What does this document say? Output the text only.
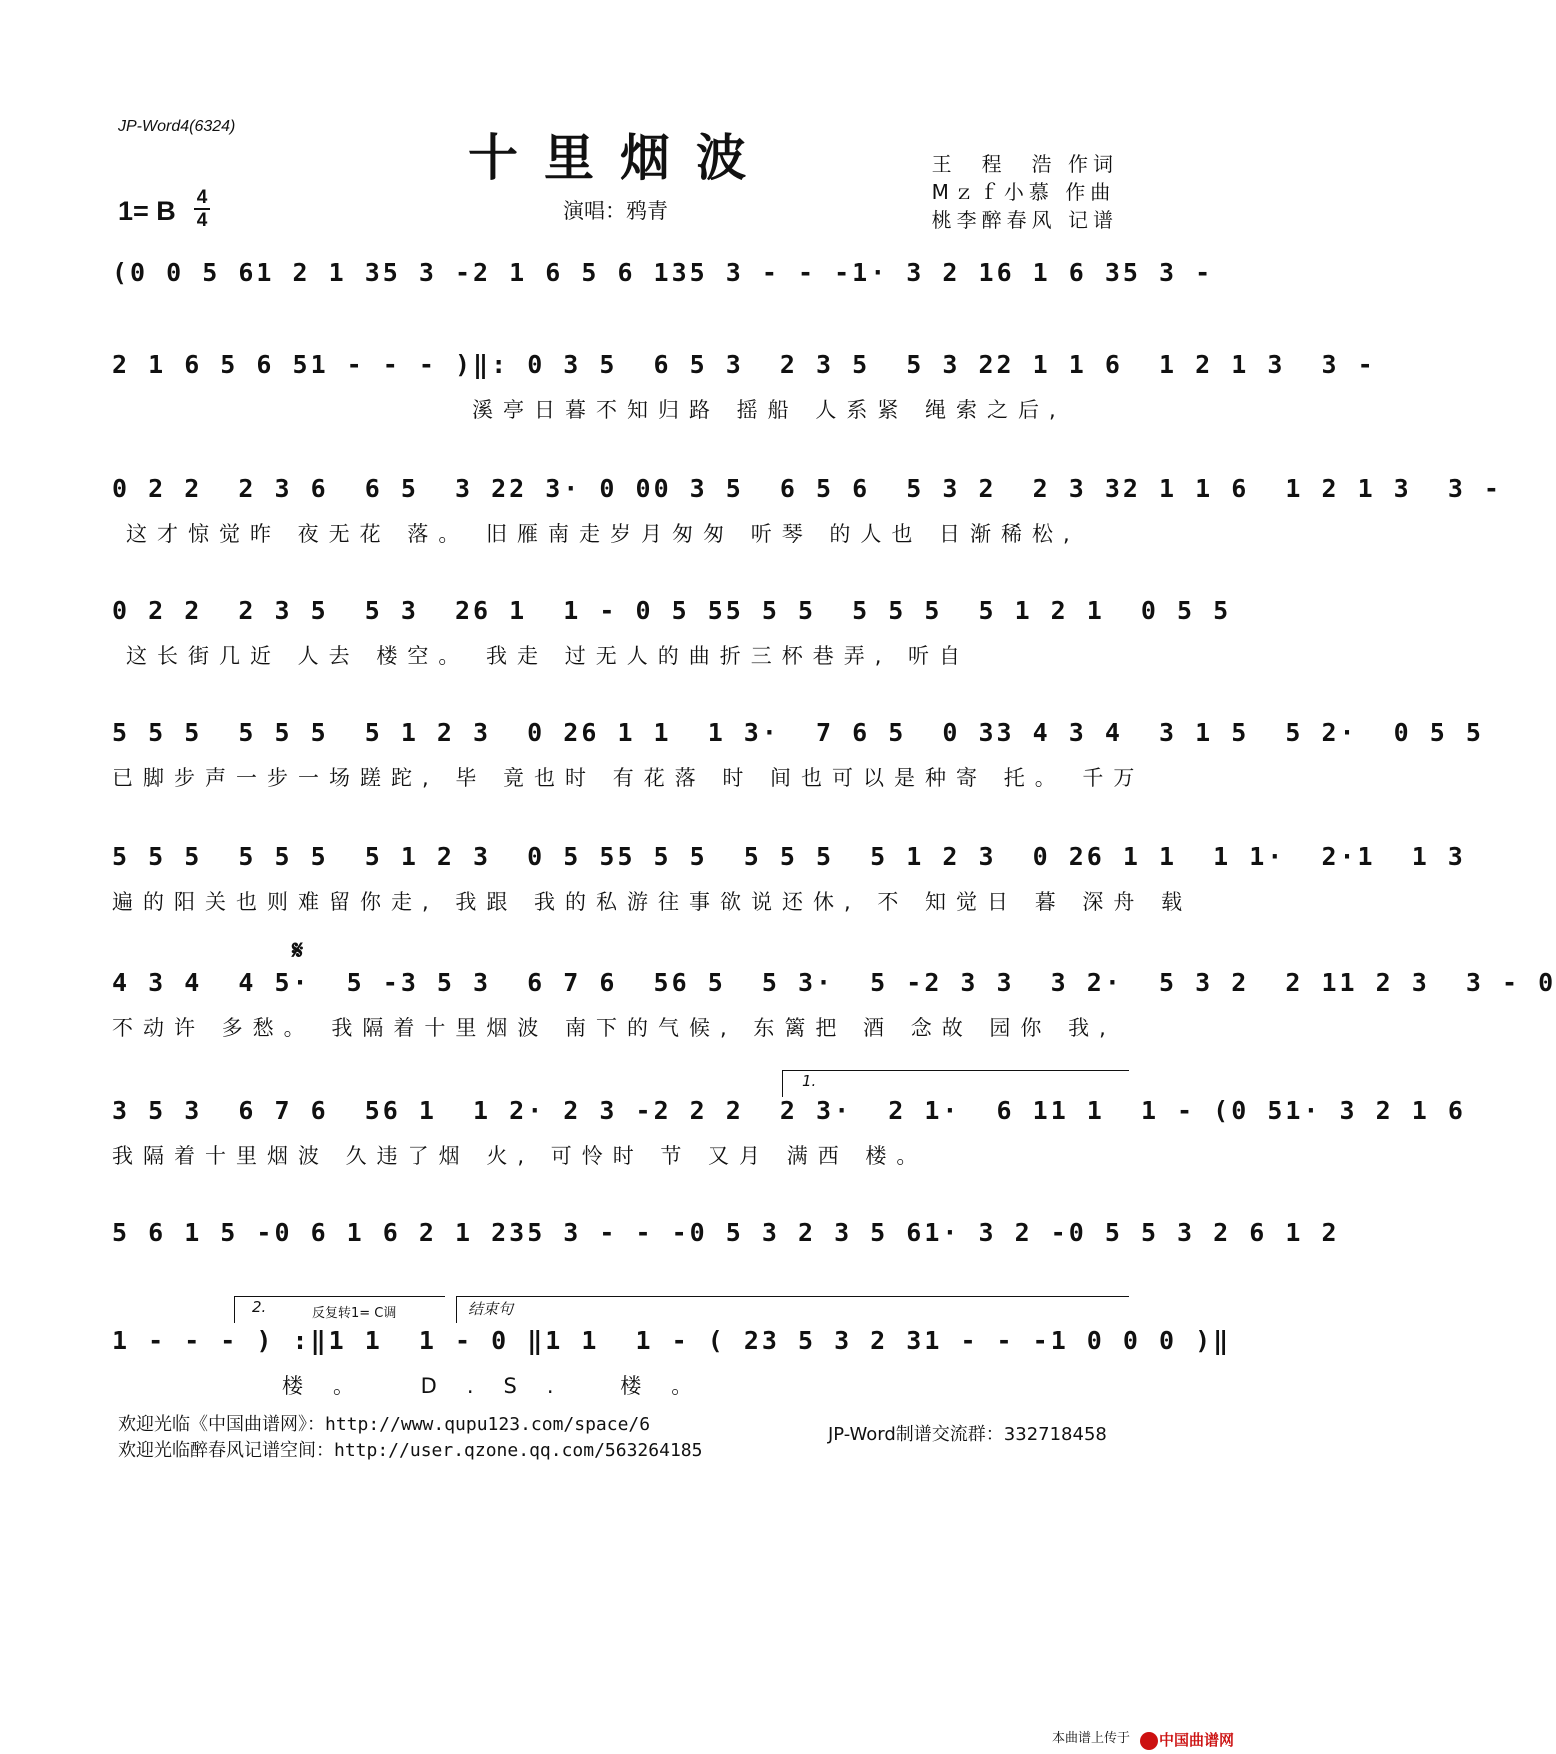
JP-Word4(6324)
十里烟波
1= B 4
4	演唱：鸦青
王　程　浩 作词
Mｚｆ小慕 作曲
桃李醉春风 记谱
(0 0 5 6 1 2 1 35 3 - 2 1 6 5 6 1 35 3 - - - 1· 3 2 1 6 1 6 35 3 -
2 1 6 5 6 5 1 - - - ) ‖: 0 3 5  6 5 3  2 3 5  5 3 2 2 1 1 6  1 2 1 3  3 -
溪亭日暮不知归路 摇船 人系紧 绳索之后,
0 2 2  2 3 6  6 5  3 2 2 3· 0 0 0 3 5  6 5 6  5 3 2  2 3 3 2 1 1 6  1 2 1 3  3 -
这才惊觉昨 夜无花 落。 旧雁南走岁月匆匆 听琴 的人也 日渐稀松,
0 2 2  2 3 5  5 3  2 6 1  1 - 0 5 5 5 5 5  5 5 5  5 1 2 1  0 5 5
这长街几近 人去 楼空。 我走 过无人的曲折三杯巷弄, 听自
5 5 5  5 5 5  5 1 2 3  0 2 6 1 1  1 3·  7 6 5  0 3 3 4 3 4  3 1 5  5 2·  0 5 5
已脚步声一步一场蹉跎, 毕 竟也时 有花落 时 间也可以是种寄 托。 千万
5 5 5  5 5 5  5 1 2 3  0 5 5 5 5 5  5 5 5  5 1 2 3  0 2 6 1 1  1 1·  2·1  1 3
遍的阳关也则难留你走, 我跟 我的私游往事欲说还休, 不 知觉日 暮 深舟 载
𝄋
4 3 4  4 5·  5 - 3 5 3  6 7 6  5 6 5  5 3·  5 - 2 3 3  3 2·  5 3 2  2 1 1 2 3  3 - 0
不动许 多愁。 我隔着十里烟波 南下的气候, 东篱把 酒 念故 园你 我,
1.
3 5 3  6 7 6  5 6 1  1 2· 2 3 - 2 2 2  2 3·  2 1·  6 1 1 1  1 - (0 5 1· 3 2 1 6
我隔着十里烟波 久违了烟 火, 可怜时 节 又月 满西 楼。
5 6 1 5 - 0 6 1 6 2 1 2 35 3 - - - 0 5 3 2 3 5 6 1· 3 2 - 0 5 5 3 2 6 1 2
2.	反复转1= C调	结束句
1 - - - ) :‖ 1 1  1 - 0 ‖ 1 1  1 - ( 2 3 5 3 2 3 1 - - - 1 0 0 0 )‖
楼。 D.S. 楼。
欢迎光临《中国曲谱网》：http://www.qupu123.com/space/6
欢迎光临醉春风记谱空间：http://user.qzone.qq.com/563264185
JP-Word制谱交流群：332718458
本曲谱上传于 中国曲谱网
